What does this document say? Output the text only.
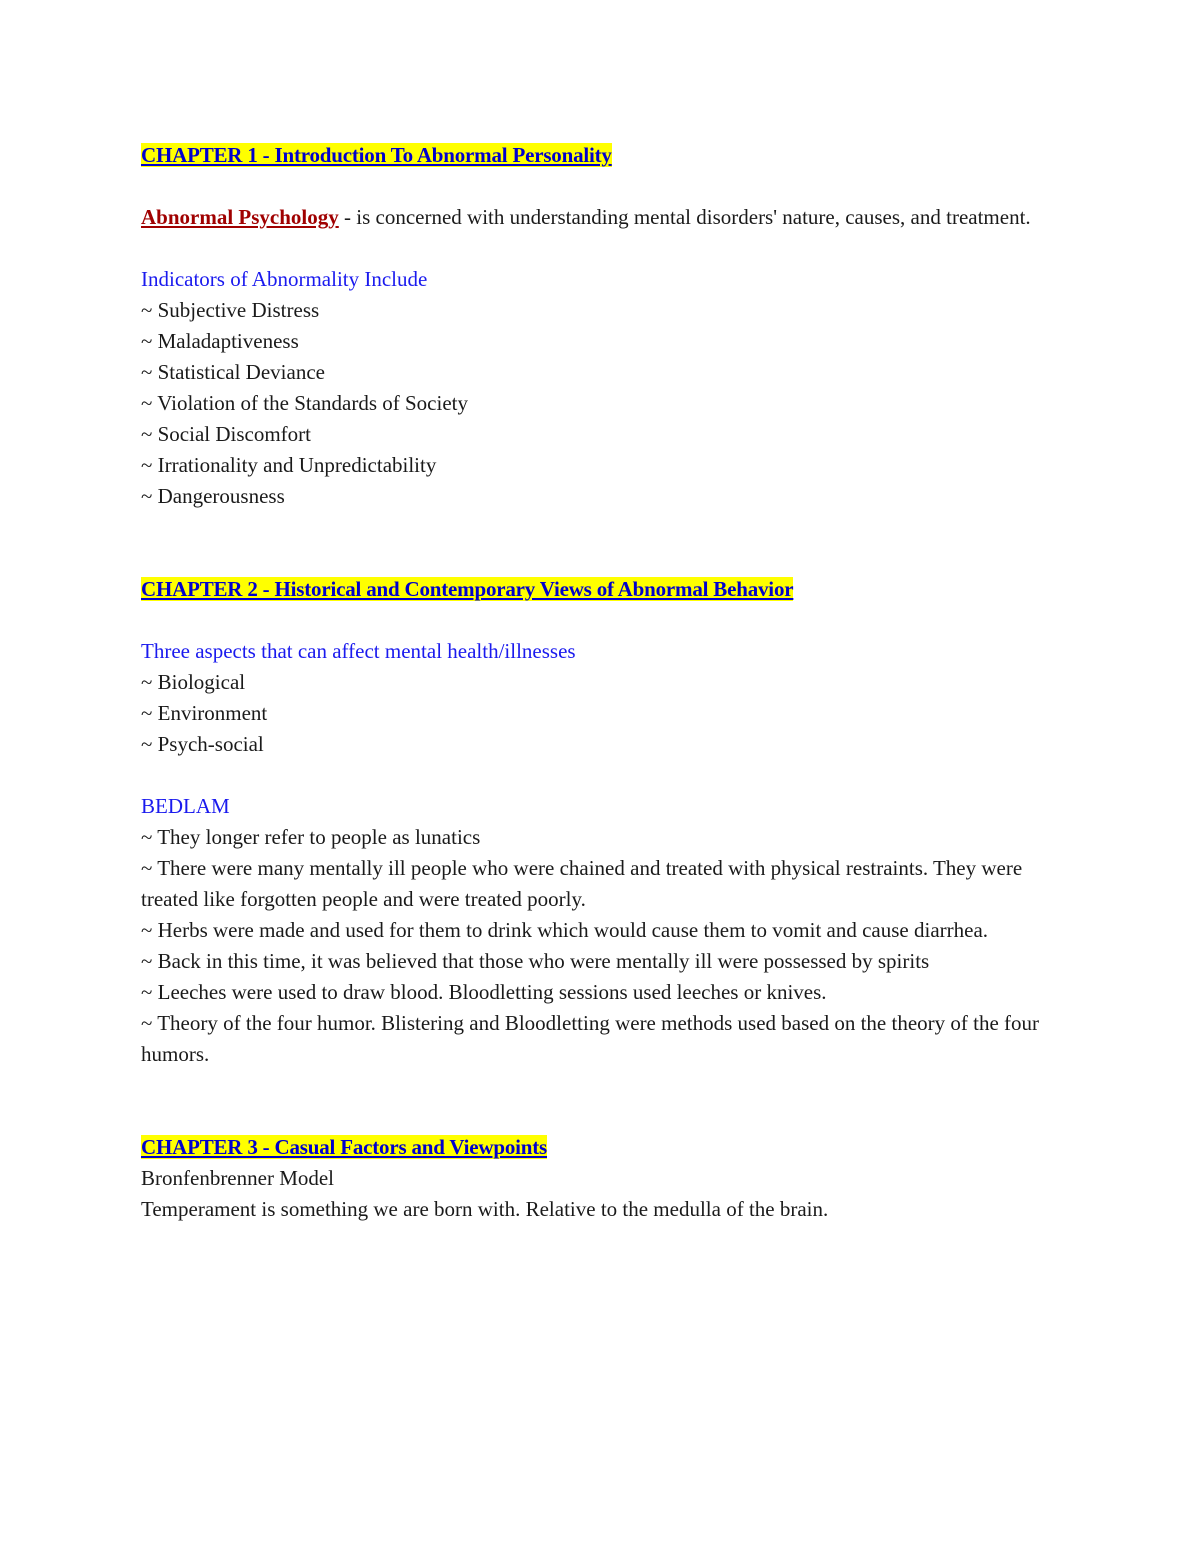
CHAPTER 1 - Introduction To Abnormal Personality

Abnormal Psychology - is concerned with understanding mental disorders' nature, causes, and treatment.

Indicators of Abnormality Include

~ Subjective Distress

~ Maladaptiveness

~ Statistical Deviance

~ Violation of the Standards of Society

~ Social Discomfort

~ Irrationality and Unpredictability

~ Dangerousness

CHAPTER 2 - Historical and Contemporary Views of Abnormal Behavior

Three aspects that can affect mental health/illnesses

~ Biological

~ Environment

~ Psych-social

BEDLAM

~ They longer refer to people as lunatics

~ There were many mentally ill people who were chained and treated with physical restraints. They were treated like forgotten people and were treated poorly.

~ Herbs were made and used for them to drink which would cause them to vomit and cause diarrhea.

~ Back in this time, it was believed that those who were mentally ill were possessed by spirits

~ Leeches were used to draw blood. Bloodletting sessions used leeches or knives.

~ Theory of the four humor. Blistering and Bloodletting were methods used based on the theory of the four humors.

CHAPTER 3 - Casual Factors and Viewpoints

Bronfenbrenner Model

Temperament is something we are born with. Relative to the medulla of the brain.
